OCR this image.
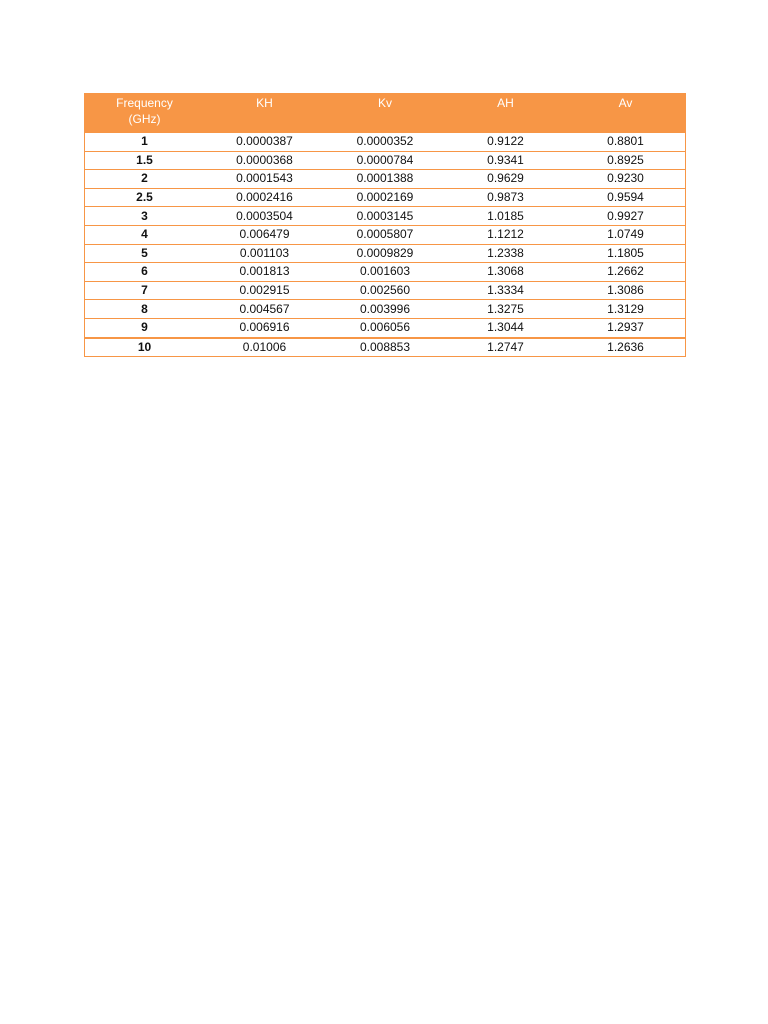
Frequency
(GHz)	KH	Kv	AH	Av

1	0.0000387	0.0000352	0.9122	0.8801
1.5	0.0000368	0.0000784	0.9341	0.8925
2	0.0001543	0.0001388	0.9629	0.9230
2.5	0.0002416	0.0002169	0.9873	0.9594
3	0.0003504	0.0003145	1.0185	0.9927
4	0.006479	0.0005807	1.1212	1.0749
5	0.001103	0.0009829	1.2338	1.1805
6	0.001813	0.001603	1.3068	1.2662
7	0.002915	0.002560	1.3334	1.3086
8	0.004567	0.003996	1.3275	1.3129
9	0.006916	0.006056	1.3044	1.2937
10	0.01006	0.008853	1.2747	1.2636
